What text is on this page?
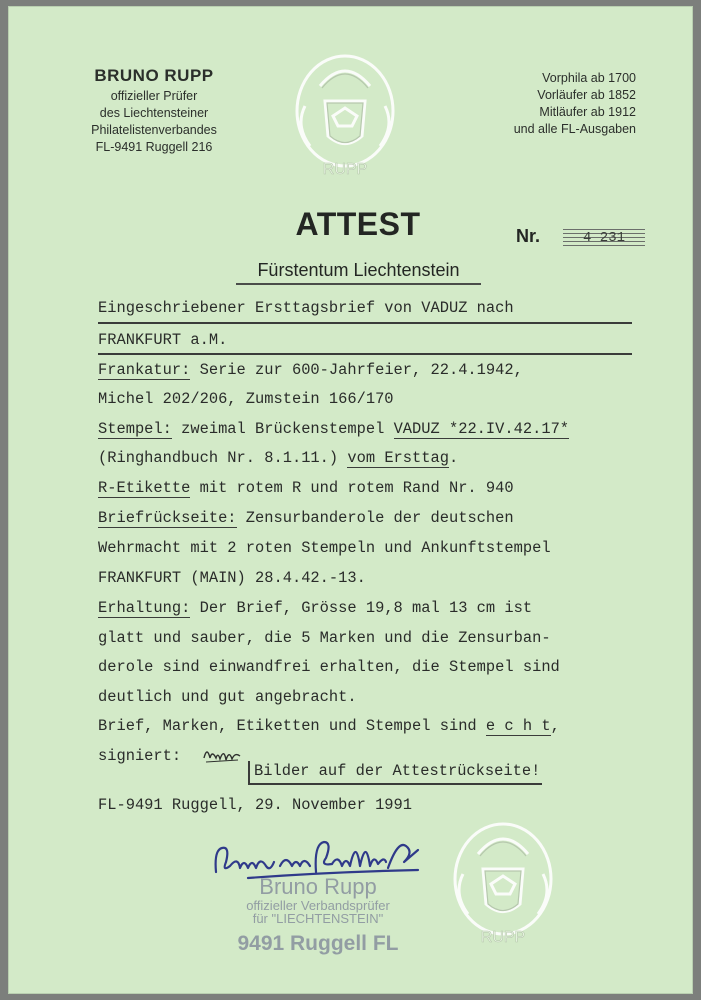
BRUNO RUPP
offizieller Prüfer
des Liechtensteiner
Philatelistenverbandes
FL-9491 Ruggell 216
Vorphila ab 1700
Vorläufer ab 1852
Mitläufer ab 1912
und alle FL-Ausgaben
RUPP
ATTEST	Nr.	4 231
Fürstentum Liechtenstein
Eingeschriebener Ersttagsbrief von VADUZ nach
FRANKFURT a.M.
Frankatur: Serie zur 600-Jahrfeier, 22.4.1942,
Michel 202/206, Zumstein 166/170
Stempel: zweimal Brückenstempel VADUZ *22.IV.42.17*
(Ringhandbuch Nr. 8.1.11.) vom Ersttag.
R-Etikette mit rotem R und rotem Rand Nr. 940
Briefrückseite: Zensurbanderole der deutschen
Wehrmacht mit 2 roten Stempeln und Ankunftstempel
FRANKFURT (MAIN) 28.4.42.-13.
Erhaltung: Der Brief, Grösse 19,8 mal 13 cm ist
glatt und sauber, die 5 Marken und die Zensurban-
derole sind einwandfrei erhalten, die Stempel sind
deutlich und gut angebracht.
Brief, Marken, Etiketten und Stempel sind e c h t,
signiert:
Bilder auf der Attestrückseite!
FL-9491 Ruggell, 29. November 1991
Bruno Rupp
offizieller Verbandsprüfer
für "LIECHTENSTEIN"
9491 Ruggell FL	RUPP
